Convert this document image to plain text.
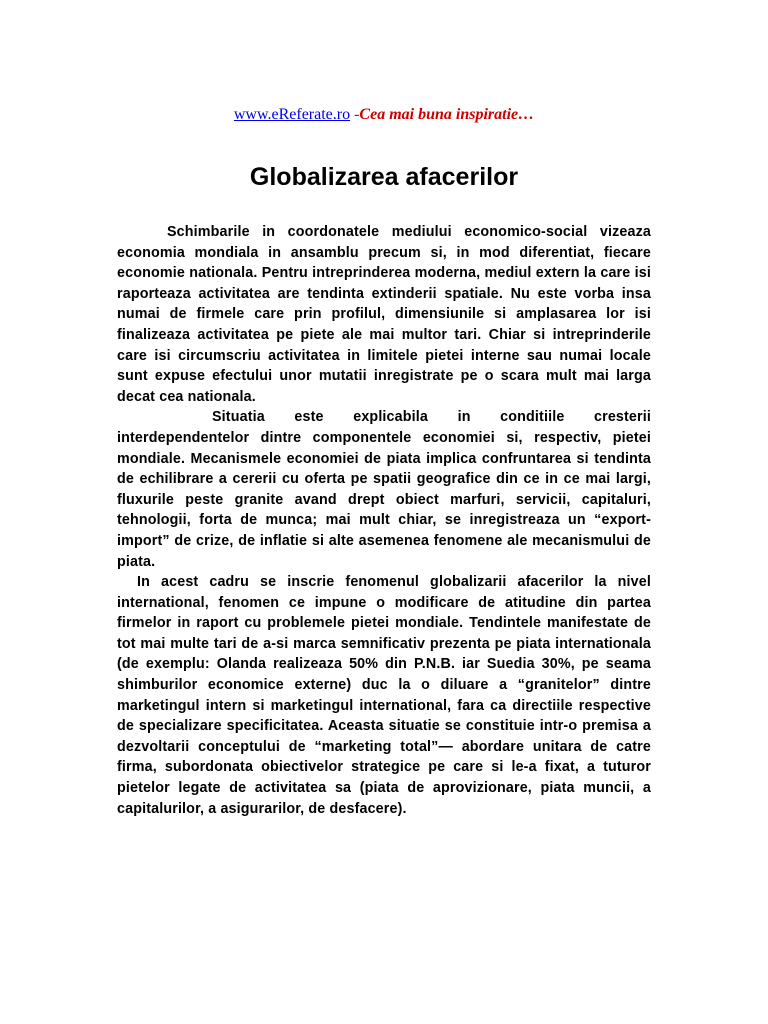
www.eReferate.ro -Cea mai buna inspiratie…
Globalizarea afacerilor

Schimbarile in coordonatele mediului economico-social vizeaza economia mondiala in ansamblu precum si, in mod diferentiat, fiecare economie nationala. Pentru intreprinderea moderna, mediul extern la care isi raporteaza activitatea are tendinta extinderii spatiale. Nu este vorba insa numai de firmele care prin profilul, dimensiunile si amplasarea lor isi finalizeaza activitatea pe piete ale mai multor tari. Chiar si intreprinderile care isi circumscriu activitatea in limitele pietei interne sau numai locale sunt expuse efectului unor mutatii inregistrate pe o scara mult mai larga decat cea nationala.

Situatia este explicabila in conditiile cresterii interdependentelor dintre componentele economiei si, respectiv, pietei mondiale. Mecanismele economiei de piata implica confruntarea si tendinta de echilibrare a cererii cu oferta pe spatii geografice din ce in ce mai largi, fluxurile peste granite avand drept obiect marfuri, servicii, capitaluri, tehnologii, forta de munca; mai mult chiar, se inregistreaza un “export-import” de crize, de inflatie si alte asemenea fenomene ale mecanismului de piata.

In acest cadru se inscrie fenomenul globalizarii afacerilor la nivel international, fenomen ce impune o modificare de atitudine din partea firmelor in raport cu problemele pietei mondiale. Tendintele manifestate de tot mai multe tari de a-si marca semnificativ prezenta pe piata internationala (de exemplu: Olanda realizeaza 50% din P.N.B. iar Suedia 30%, pe seama shimburilor economice externe) duc la o diluare a “granitelor” dintre marketingul intern si marketingul international, fara ca directiile respective de specializare specificitatea. Aceasta situatie se constituie intr-o premisa a dezvoltarii conceptului de “marketing total”— abordare unitara de catre firma, subordonata obiectivelor strategice pe care si le-a fixat, a tuturor pietelor legate de activitatea sa (piata de aprovizionare, piata muncii, a capitalurilor, a asigurarilor, de desfacere).
